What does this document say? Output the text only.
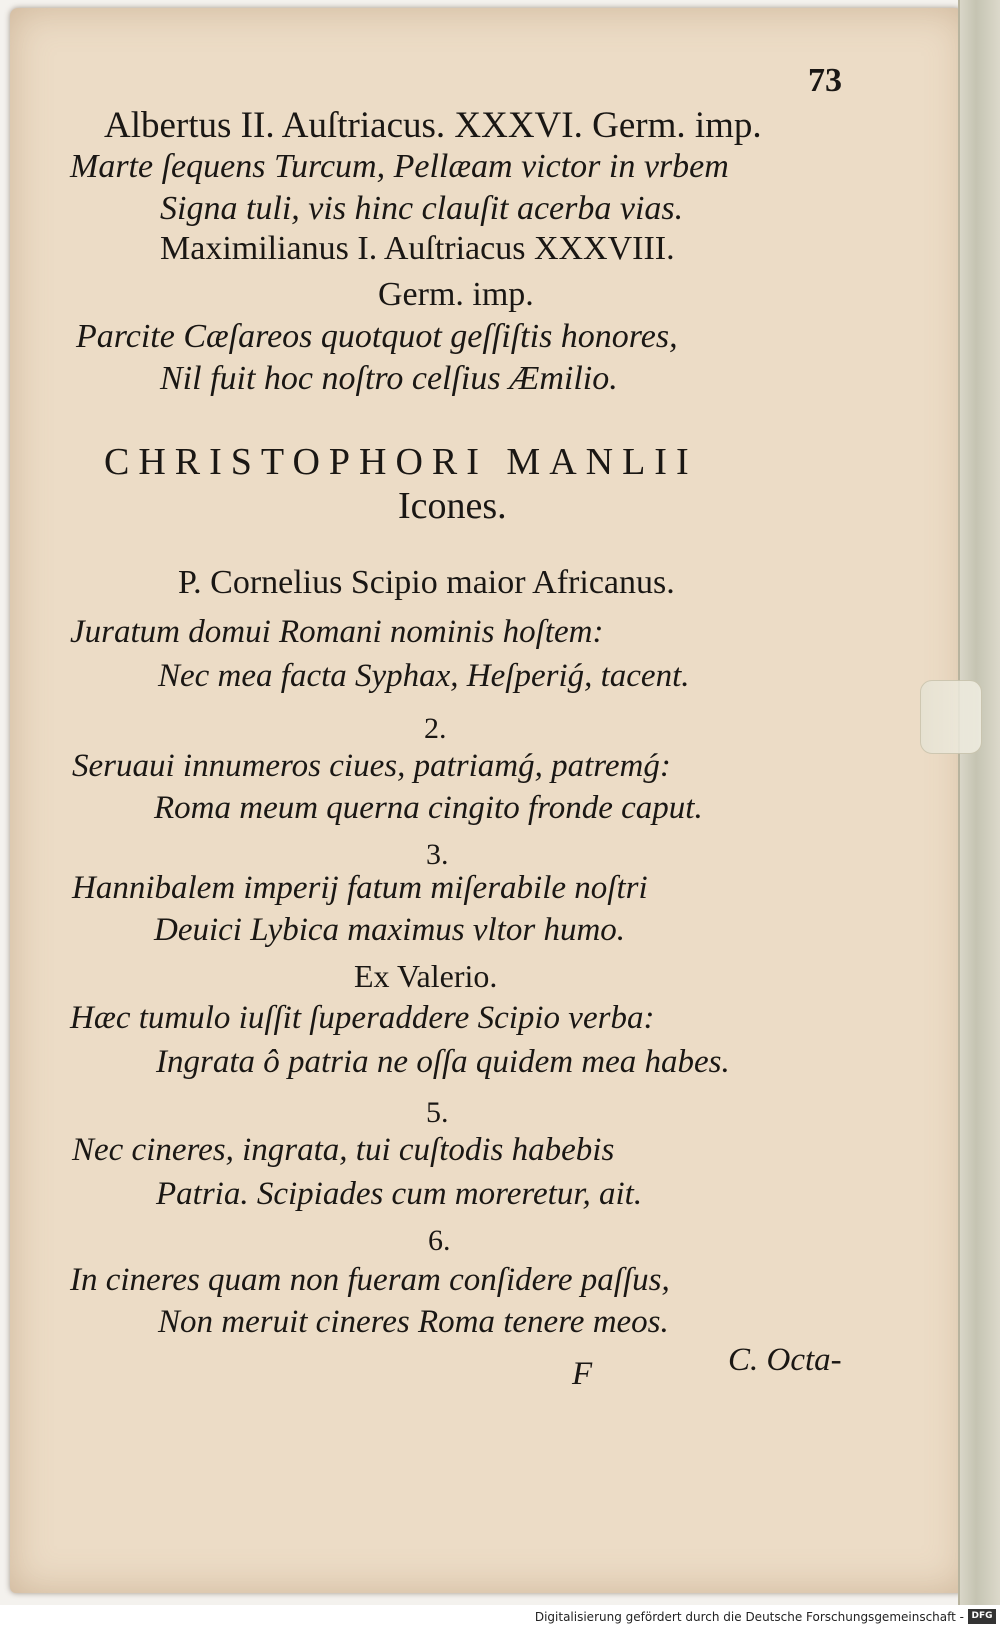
73

Albertus II. Auſtriacus. XXXVI. Germ. imp.

Marte ſequens Turcum, Pellæam victor in vrbem

Signa tuli, vis hinc clauſit acerba vias.

Maximilianus I. Auſtriacus XXXVIII.

Germ. imp.

Parcite Cæſareos quotquot geſſiſtis honores,

Nil fuit hoc noſtro celſius Æmilio.

CHRISTOPHORI MANLII

Icones.

P. Cornelius Scipio maior Africanus.

Juratum domui Romani nominis hoſtem:

Nec mea facta Syphax, Heſperiǵ, tacent.

2.

Seruaui innumeros ciues, patriamǵ, patremǵ:

Roma meum querna cingito fronde caput.

3.

Hannibalem imperij fatum miſerabile noſtri

Deuici Lybica maximus vltor humo.

Ex Valerio.

Hæc tumulo iuſſit ſuperaddere Scipio verba:

Ingrata ô patria ne oſſa quidem mea habes.

5.

Nec cineres, ingrata, tui cuſtodis habebis

Patria. Scipiades cum moreretur, ait.

6.

In cineres quam non fueram conſidere paſſus,

Non meruit cineres Roma tenere meos.

F	C. Octa-

Digitalisierung gefördert durch die Deutsche Forschungsgemeinschaft - DFG
